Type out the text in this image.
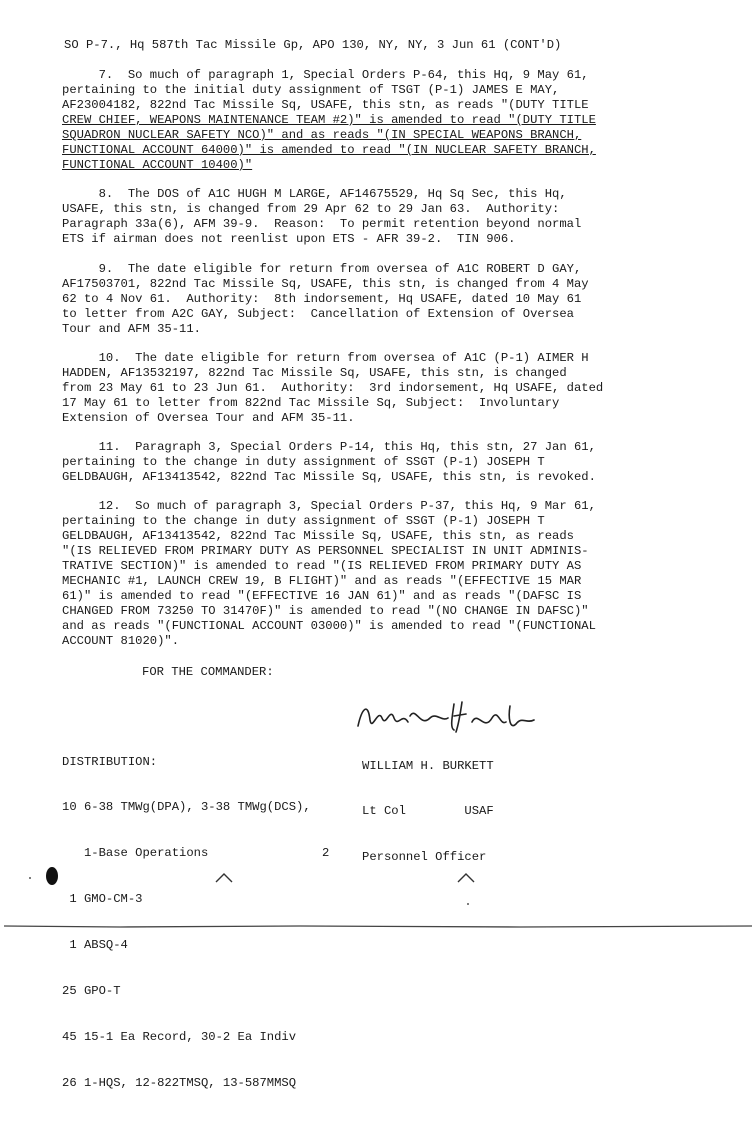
SO P-7., Hq 587th Tac Missile Gp, APO 130, NY, NY, 3 Jun 61 (CONT'D)
7.  So much of paragraph 1, Special Orders P-64, this Hq, 9 May 61,
pertaining to the initial duty assignment of TSGT (P-1) JAMES E MAY,
AF23004182, 822nd Tac Missile Sq, USAFE, this stn, as reads "(DUTY TITLE
CREW CHIEF, WEAPONS MAINTENANCE TEAM #2)" is amended to read "(DUTY TITLE
SQUADRON NUCLEAR SAFETY NCO)" and as reads "(IN SPECIAL WEAPONS BRANCH,
FUNCTIONAL ACCOUNT 64000)" is amended to read "(IN NUCLEAR SAFETY BRANCH,
FUNCTIONAL ACCOUNT 10400)"
8.  The DOS of A1C HUGH M LARGE, AF14675529, Hq Sq Sec, this Hq,
USAFE, this stn, is changed from 29 Apr 62 to 29 Jan 63.  Authority:
Paragraph 33a(6), AFM 39-9.  Reason:  To permit retention beyond normal
ETS if airman does not reenlist upon ETS - AFR 39-2.  TIN 906.
9.  The date eligible for return from oversea of A1C ROBERT D GAY,
AF17503701, 822nd Tac Missile Sq, USAFE, this stn, is changed from 4 May
62 to 4 Nov 61.  Authority:  8th indorsement, Hq USAFE, dated 10 May 61
to letter from A2C GAY, Subject:  Cancellation of Extension of Oversea
Tour and AFM 35-11.
10.  The date eligible for return from oversea of A1C (P-1) AIMER H
HADDEN, AF13532197, 822nd Tac Missile Sq, USAFE, this stn, is changed
from 23 May 61 to 23 Jun 61.  Authority:  3rd indorsement, Hq USAFE, dated
17 May 61 to letter from 822nd Tac Missile Sq, Subject:  Involuntary
Extension of Oversea Tour and AFM 35-11.
11.  Paragraph 3, Special Orders P-14, this Hq, this stn, 27 Jan 61,
pertaining to the change in duty assignment of SSGT (P-1) JOSEPH T
GELDBAUGH, AF13413542, 822nd Tac Missile Sq, USAFE, this stn, is revoked.
12.  So much of paragraph 3, Special Orders P-37, this Hq, 9 Mar 61,
pertaining to the change in duty assignment of SSGT (P-1) JOSEPH T
GELDBAUGH, AF13413542, 822nd Tac Missile Sq, USAFE, this stn, as reads
"(IS RELIEVED FROM PRIMARY DUTY AS PERSONNEL SPECIALIST IN UNIT ADMINIS-
TRATIVE SECTION)" is amended to read "(IS RELIEVED FROM PRIMARY DUTY AS
MECHANIC #1, LAUNCH CREW 19, B FLIGHT)" and as reads "(EFFECTIVE 15 MAR
61)" is amended to read "(EFFECTIVE 16 JAN 61)" and as reads "(DAFSC IS
CHANGED FROM 73250 TO 31470F)" is amended to read "(NO CHANGE IN DAFSC)"
and as reads "(FUNCTIONAL ACCOUNT 03000)" is amended to read "(FUNCTIONAL
ACCOUNT 81020)".
FOR THE COMMANDER:

WILLIAM H. BURKETT

Lt Col	USAF

Personnel Officer

DISTRIBUTION:

10 6-38 TMWg(DPA), 3-38 TMWg(DCS),

1-Base Operations

1 GMO-CM-3

1 ABSQ-4

25 GPO-T

45 15-1 Ea Record, 30-2 Ea Indiv

26 1-HQS, 12-822TMSQ, 13-587MMSQ

2
